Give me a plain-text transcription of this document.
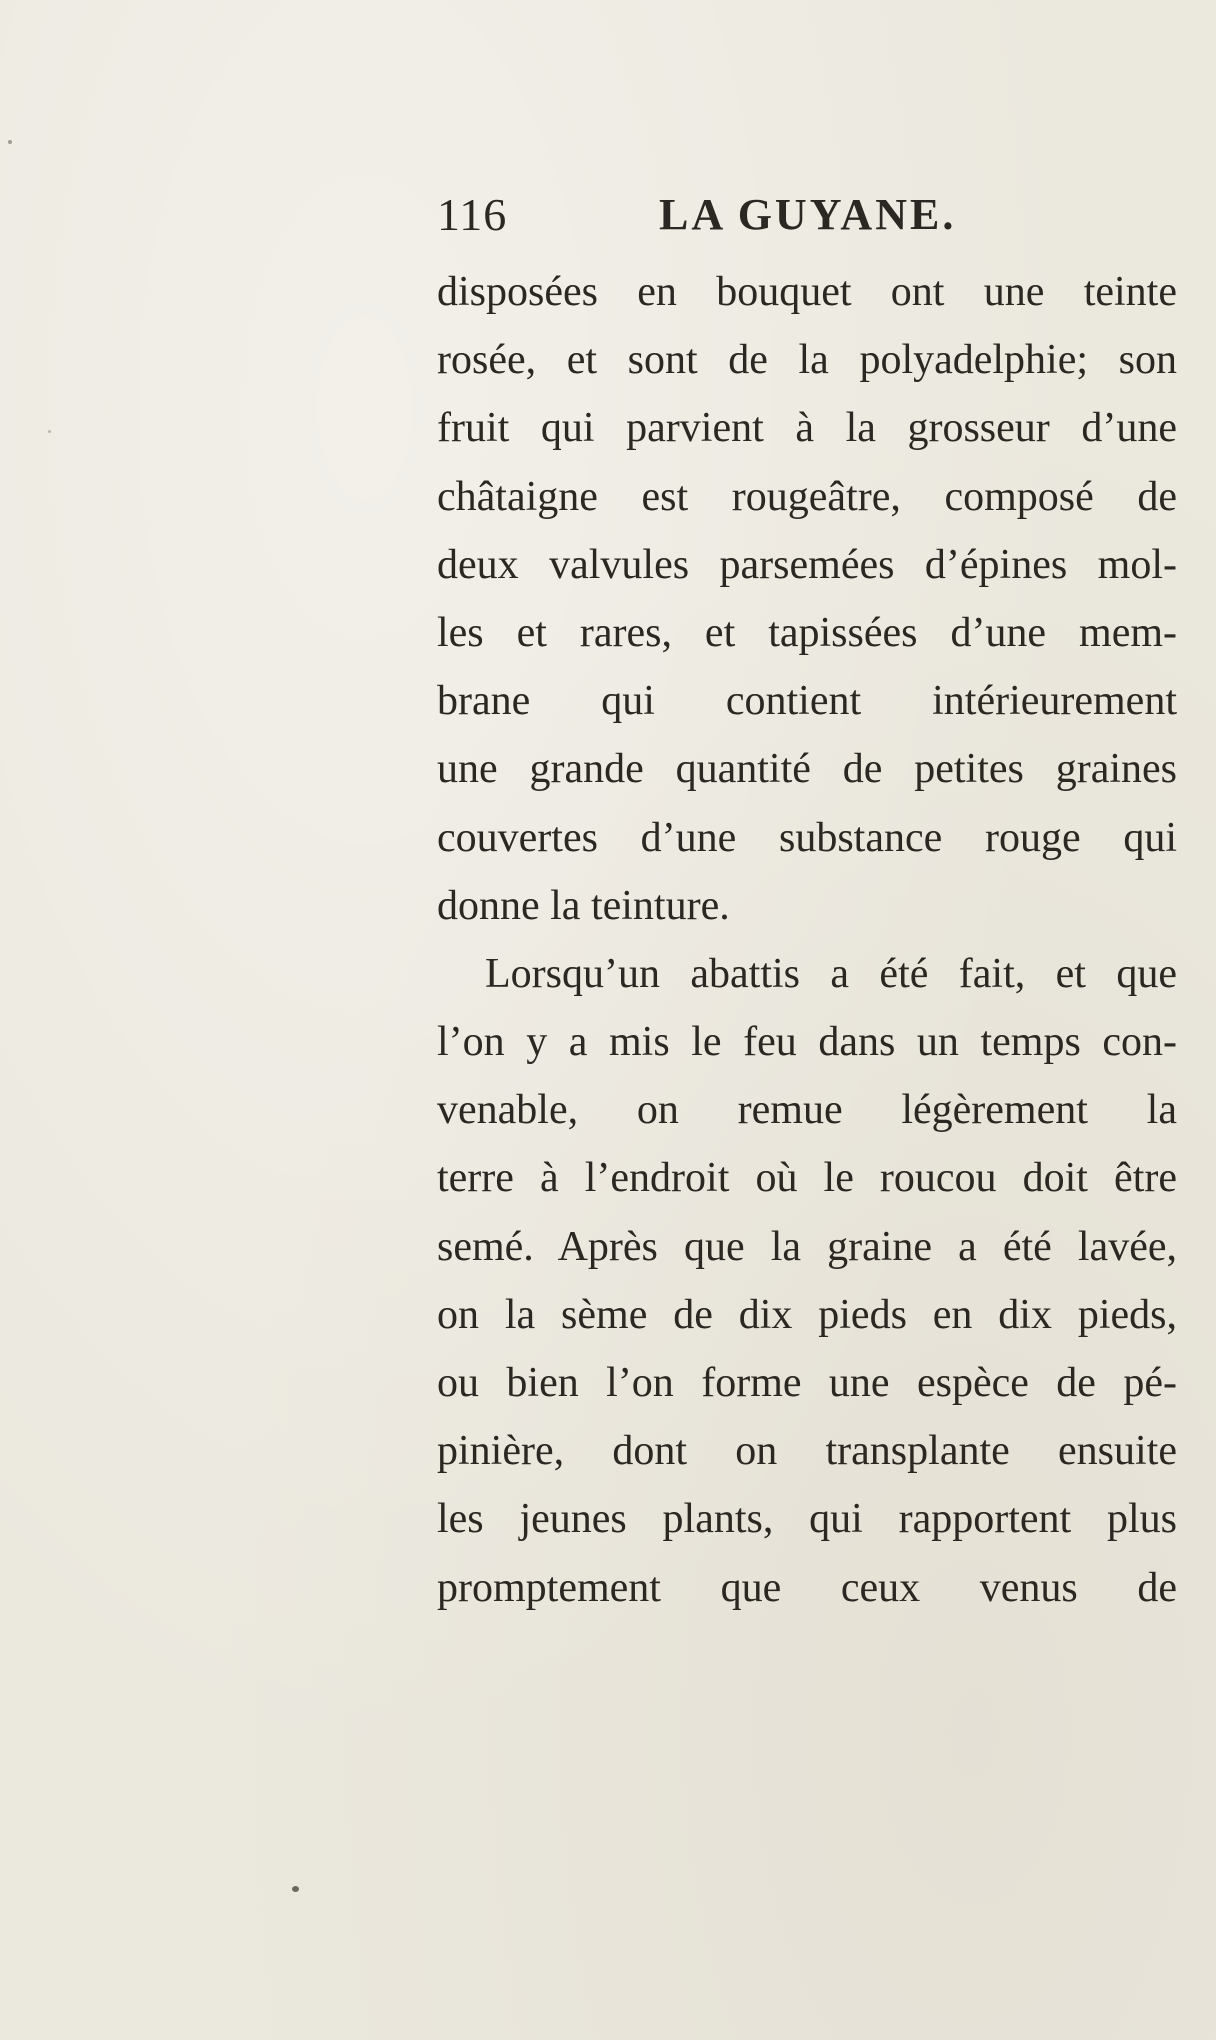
116	LA GUYANE.
disposées en bouquet ont une teinte
rosée, et sont de la polyadelphie; son
fruit qui parvient à la grosseur d’une
châtaigne est rougeâtre, composé de
deux valvules parsemées d’épines mol-
les et rares, et tapissées d’une mem-
brane qui contient intérieurement
une grande quantité de petites graines
couvertes d’une substance rouge qui
donne la teinture.
Lorsqu’un abattis a été fait, et que
l’on y a mis le feu dans un temps con-
venable, on remue légèrement la
terre à l’endroit où le roucou doit être
semé. Après que la graine a été lavée,
on la sème de dix pieds en dix pieds,
ou bien l’on forme une espèce de pé-
pinière, dont on transplante ensuite
les jeunes plants, qui rapportent plus
promptement que ceux venus de
